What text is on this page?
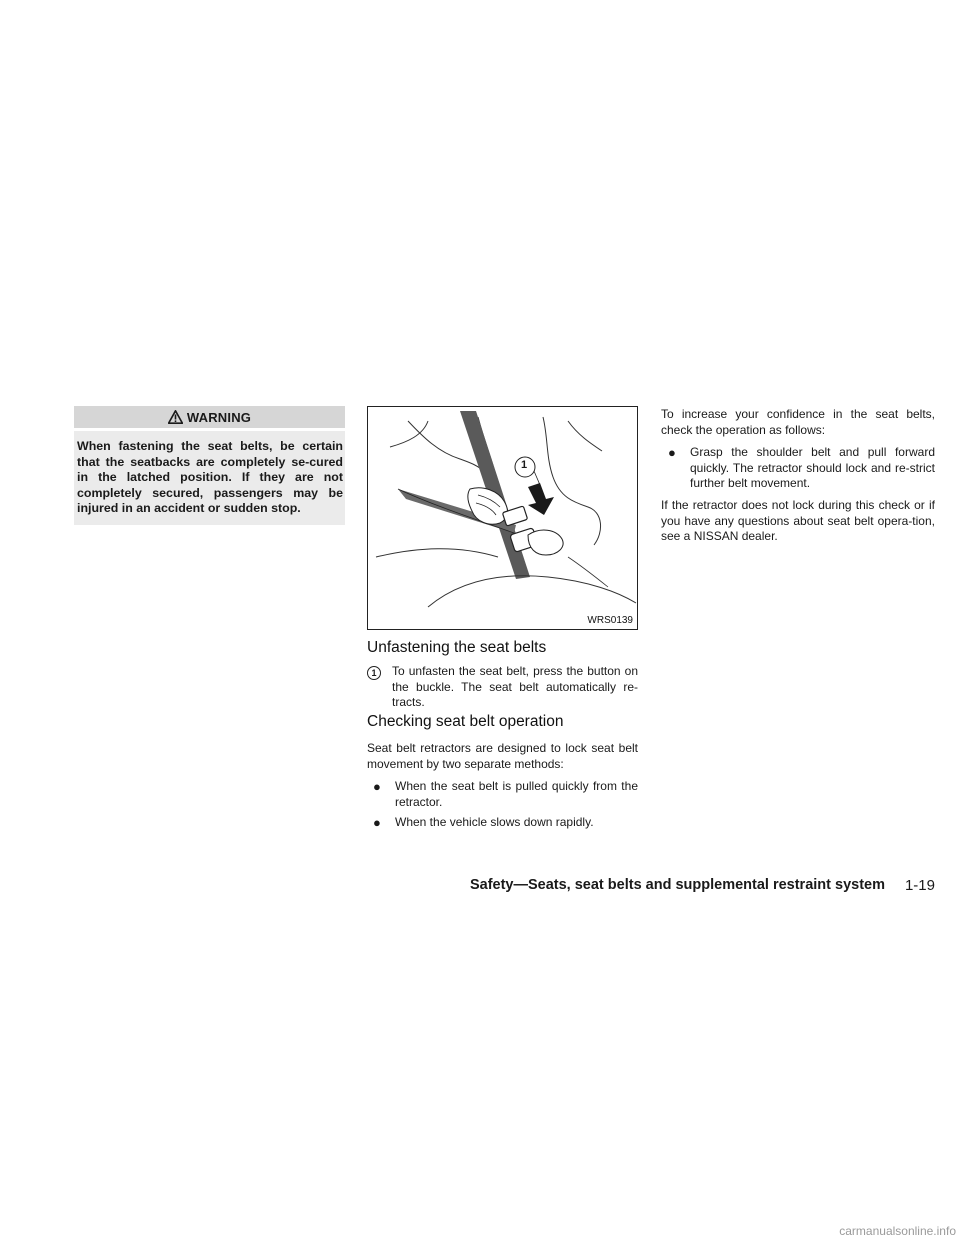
WARNING
When fastening the seat belts, be certain that the seatbacks are completely se-cured in the latched position. If they are not completely secured, passengers may be injured in an accident or sudden stop.
1
WRS0139
Unfastening the seat belts
1	To unfasten the seat belt, press the button on the buckle. The seat belt automatically re-tracts.
Checking seat belt operation

Seat belt retractors are designed to lock seat belt movement by two separate methods:

● When the seat belt is pulled quickly from the retractor.
● When the vehicle slows down rapidly.

To increase your confidence in the seat belts, check the operation as follows:

● Grasp the shoulder belt and pull forward quickly. The retractor should lock and re-strict further belt movement.

If the retractor does not lock during this check or if you have any questions about seat belt opera-tion, see a NISSAN dealer.

Safety—Seats, seat belts and supplemental restraint system 1-19
carmanualsonline.info
